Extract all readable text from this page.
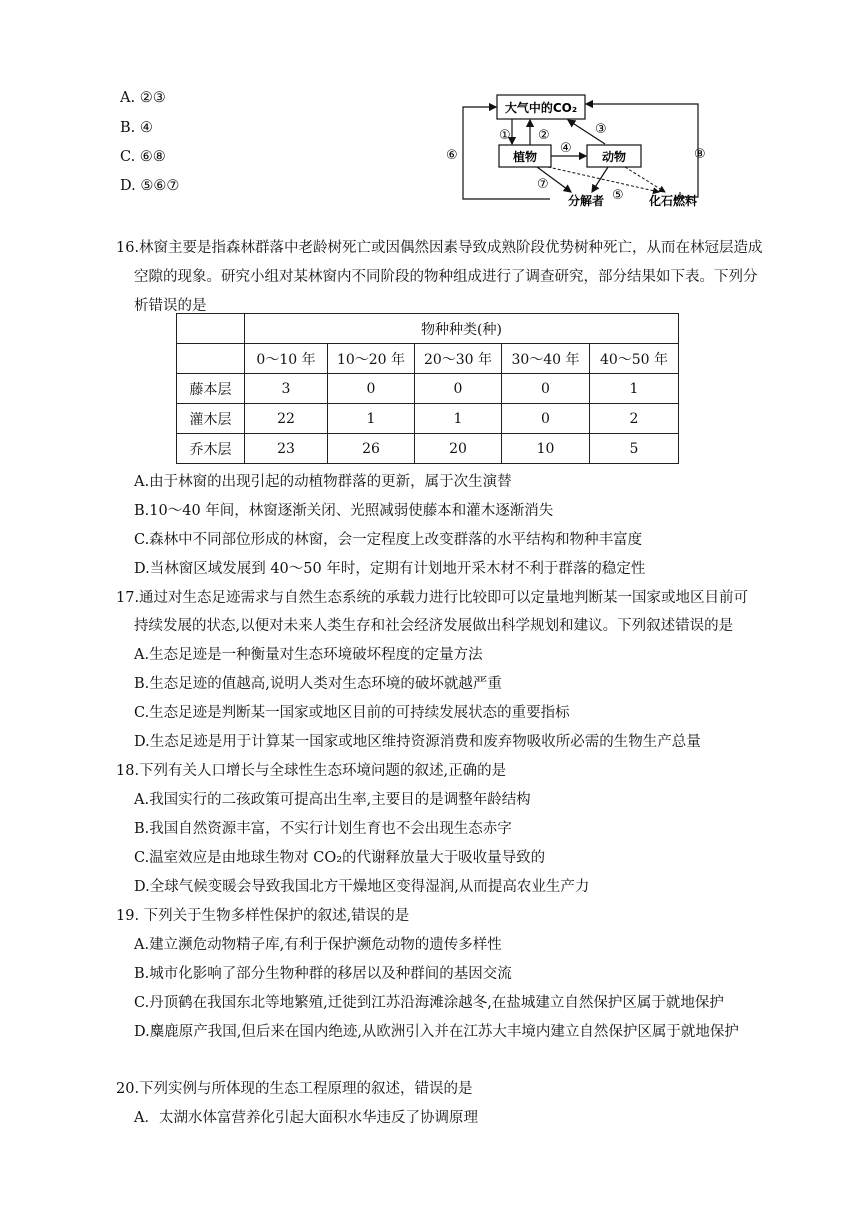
A. ②③
B. ④
C. ⑥⑧
D. ⑤⑥⑦
大气中的CO₂
植物	动物
分解者	化石燃料
① ②	③
④
⑤
⑥
⑦
⑧
16.林窗主要是指森林群落中老龄树死亡或因偶然因素导致成熟阶段优势树种死亡，从而在林冠层造成
空隙的现象。研究小组对某林窗内不同阶段的物种组成进行了调查研究，部分结果如下表。下列分
析错误的是
	物种种类(种)				
	0～10 年	10～20 年	20～30 年	30～40 年	40～50 年
藤本层	3	0	0	0	1
灌木层	22	1	1	0	2
乔木层	23	26	20	10	5
A.由于林窗的出现引起的动植物群落的更新，属于次生演替
B.10～40 年间，林窗逐渐关闭、光照减弱使藤本和灌木逐渐消失
C.森林中不同部位形成的林窗，会一定程度上改变群落的水平结构和物种丰富度
D.当林窗区域发展到 40～50 年时，定期有计划地开采木材不利于群落的稳定性
17.通过对生态足迹需求与自然生态系统的承载力进行比较即可以定量地判断某一国家或地区目前可
持续发展的状态,以便对未来人类生存和社会经济发展做出科学规划和建议。下列叙述错误的是
A.生态足迹是一种衡量对生态环境破坏程度的定量方法
B.生态足迹的值越高,说明人类对生态环境的破坏就越严重
C.生态足迹是判断某一国家或地区目前的可持续发展状态的重要指标
D.生态足迹是用于计算某一国家或地区维持资源消费和废弃物吸收所必需的生物生产总量
18.下列有关人口增长与全球性生态环境问题的叙述,正确的是
A.我国实行的二孩政策可提高出生率,主要目的是调整年龄结构
B.我国自然资源丰富，不实行计划生育也不会出现生态赤字
C.温室效应是由地球生物对 CO₂的代谢释放量大于吸收量导致的
D.全球气候变暖会导致我国北方干燥地区变得湿润,从而提高农业生产力
19. 下列关于生物多样性保护的叙述,错误的是
A.建立濒危动物精子库,有利于保护濒危动物的遗传多样性
B.城市化影响了部分生物种群的移居以及种群间的基因交流
C.丹顶鹤在我国东北等地繁殖,迁徙到江苏沿海滩涂越冬,在盐城建立自然保护区属于就地保护
D.麋鹿原产我国,但后来在国内绝迹,从欧洲引入并在江苏大丰境内建立自然保护区属于就地保护
20.下列实例与所体现的生态工程原理的叙述，错误的是
A．太湖水体富营养化引起大面积水华违反了协调原理
